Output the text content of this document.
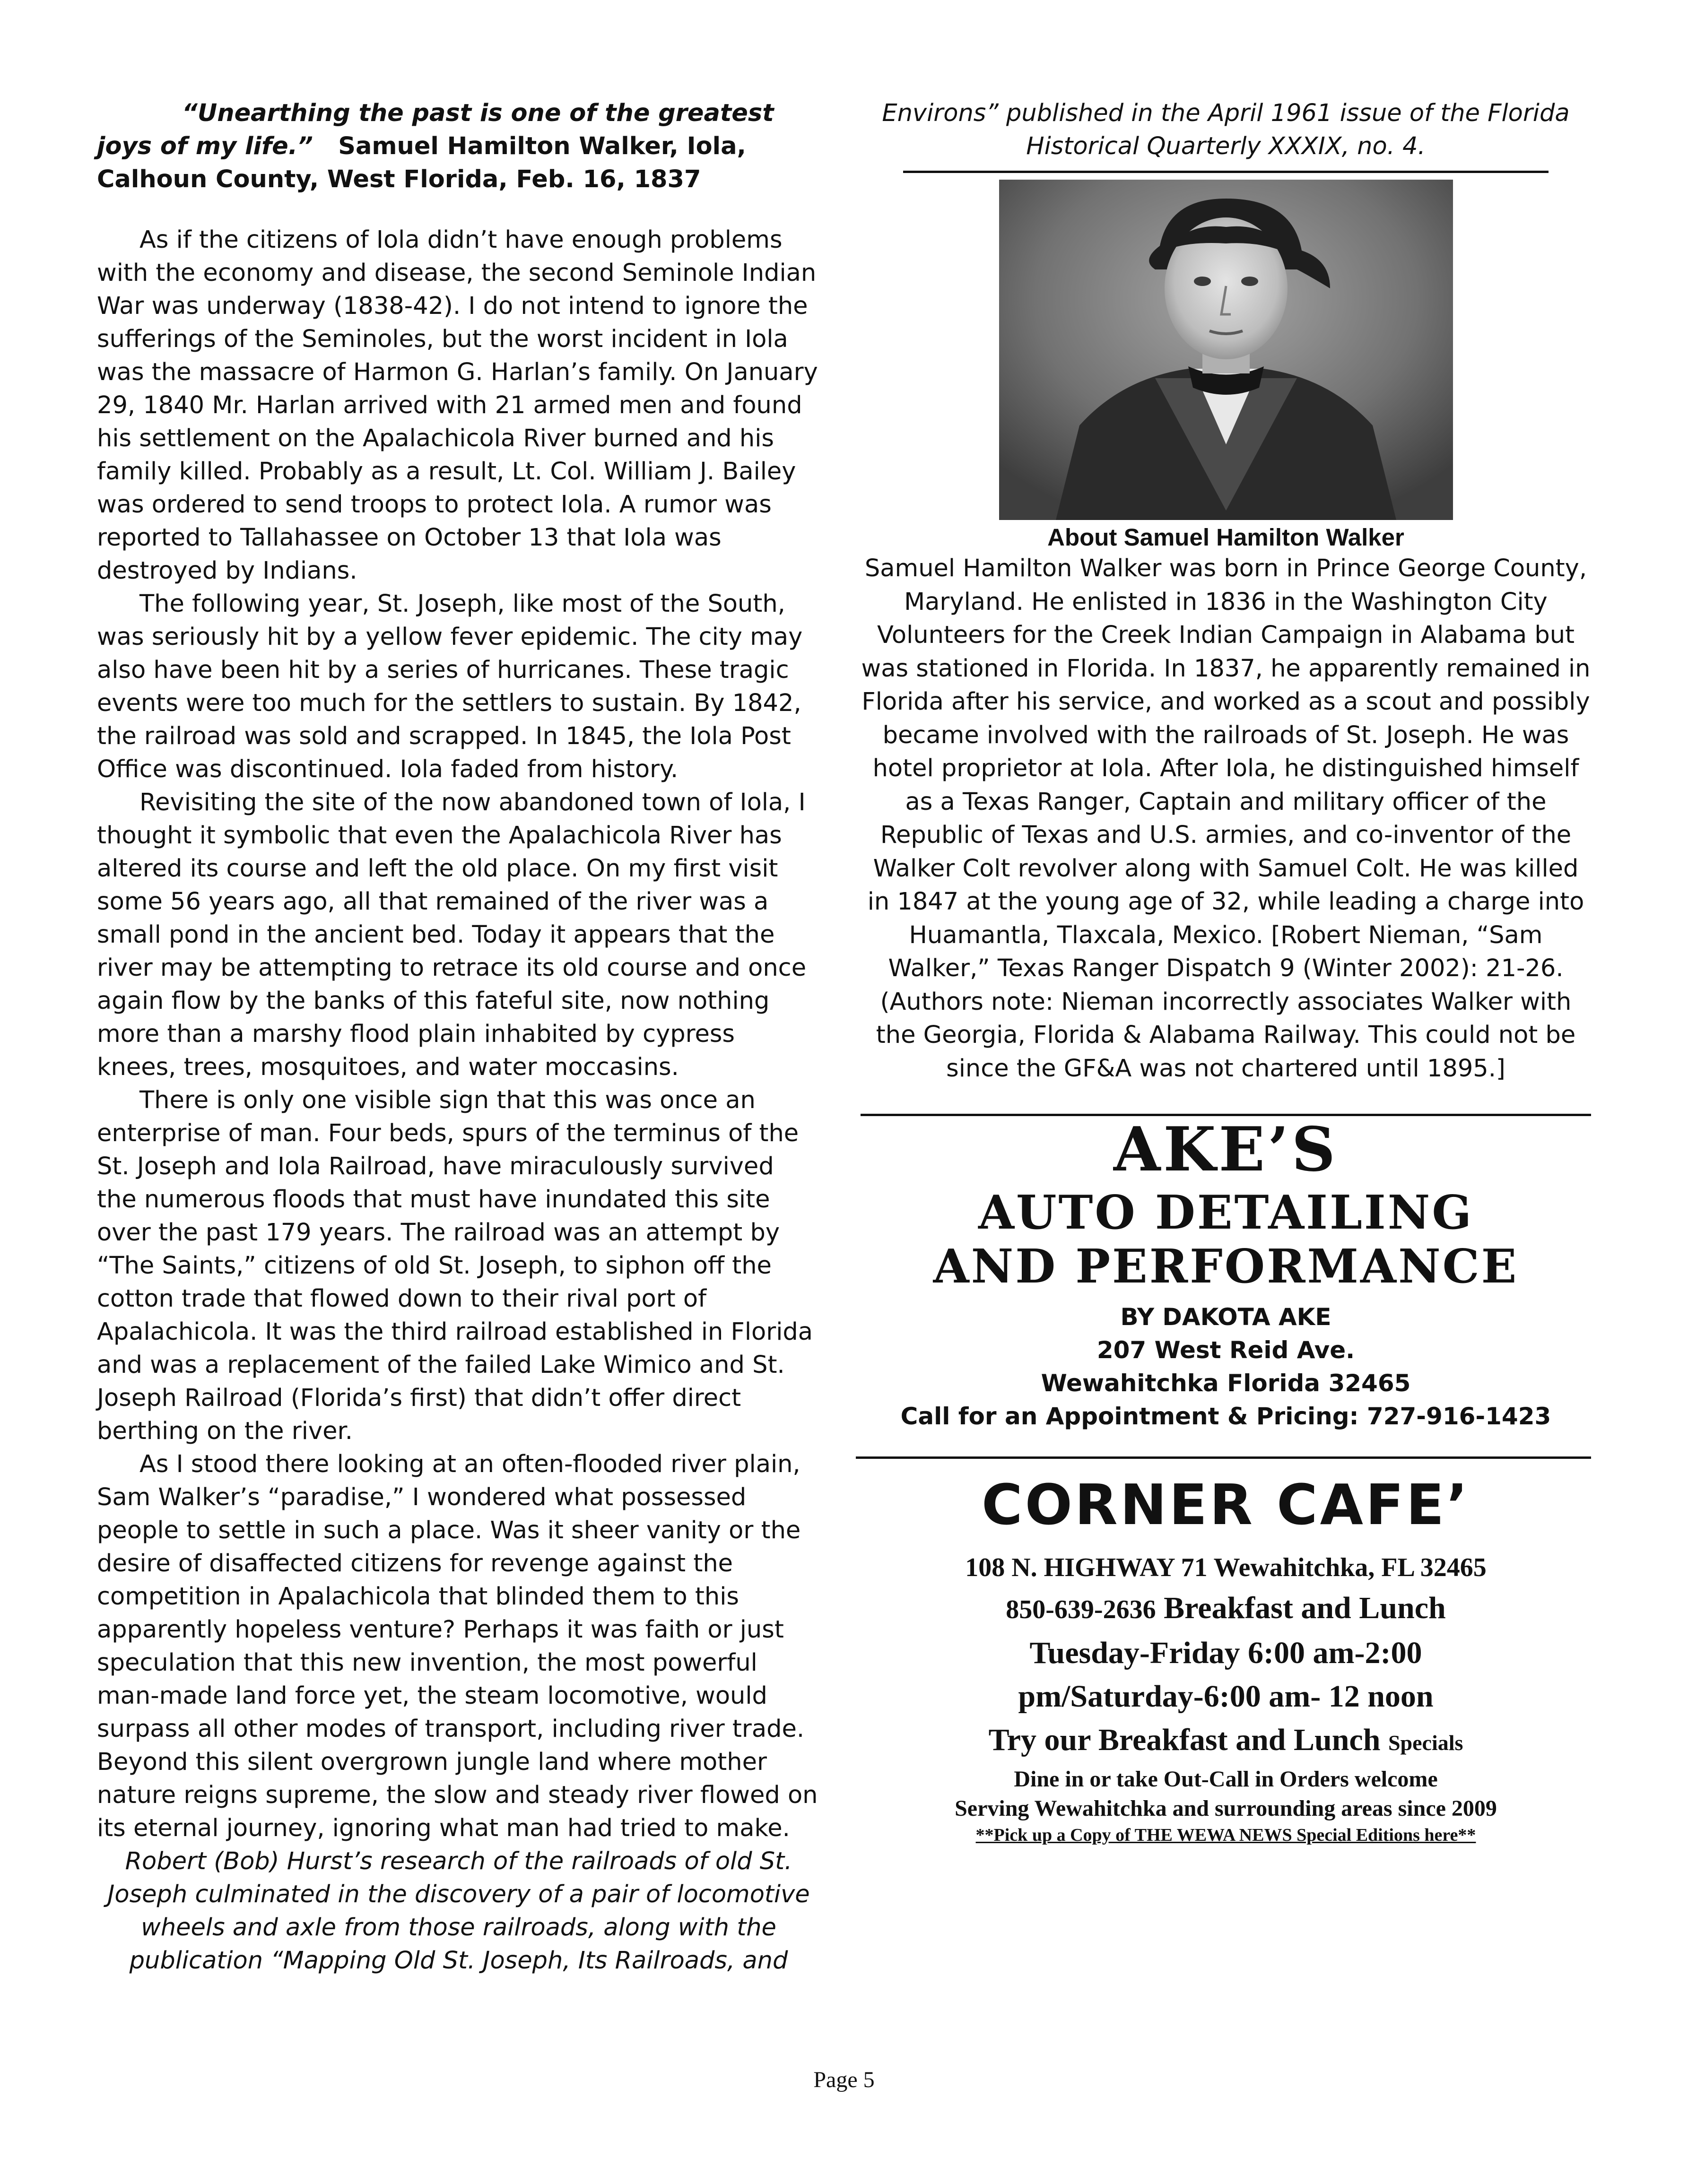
“Unearthing the past is one of the greatest joys of my life.” Samuel Hamilton Walker, Iola, Calhoun County, West Florida, Feb. 16, 1837

As if the citizens of Iola didn’t have enough problems with the economy and disease, the second Seminole Indian War was underway (1838-42). I do not intend to ignore the sufferings of the Seminoles, but the worst incident in Iola was the massacre of Harmon G. Harlan’s family. On January 29, 1840 Mr. Harlan arrived with 21 armed men and found his settlement on the Apalachicola River burned and his family killed. Probably as a result, Lt. Col. William J. Bailey was ordered to send troops to protect Iola. A rumor was reported to Tallahassee on October 13 that Iola was destroyed by Indians.

The following year, St. Joseph, like most of the South, was seriously hit by a yellow fever epidemic. The city may also have been hit by a series of hurricanes. These tragic events were too much for the settlers to sustain. By 1842, the railroad was sold and scrapped. In 1845, the Iola Post Office was discontinued. Iola faded from history.

Revisiting the site of the now abandoned town of Iola, I thought it symbolic that even the Apalachicola River has altered its course and left the old place. On my first visit some 56 years ago, all that remained of the river was a small pond in the ancient bed. Today it appears that the river may be attempting to retrace its old course and once again flow by the banks of this fateful site, now nothing more than a marshy flood plain inhabited by cypress knees, trees, mosquitoes, and water moccasins.

There is only one visible sign that this was once an enterprise of man. Four beds, spurs of the terminus of the St. Joseph and Iola Railroad, have miraculously survived the numerous floods that must have inundated this site over the past 179 years. The railroad was an attempt by “The Saints,” citizens of old St. Joseph, to siphon off the cotton trade that flowed down to their rival port of Apalachicola. It was the third railroad established in Florida and was a replacement of the failed Lake Wimico and St. Joseph Railroad (Florida’s first) that didn’t offer direct berthing on the river.

As I stood there looking at an often-flooded river plain, Sam Walker’s “paradise,” I wondered what possessed people to settle in such a place. Was it sheer vanity or the desire of disaffected citizens for revenge against the competition in Apalachicola that blinded them to this apparently hopeless venture? Perhaps it was faith or just speculation that this new invention, the most powerful man-made land force yet, the steam locomotive, would surpass all other modes of transport, including river trade. Beyond this silent overgrown jungle land where mother nature reigns supreme, the slow and steady river flowed on its eternal journey, ignoring what man had tried to make.

Robert (Bob) Hurst’s research of the railroads of old St. Joseph culminated in the discovery of a pair of locomotive wheels and axle from those railroads, along with the publication “Mapping Old St. Joseph, Its Railroads, and

Environs” published in the April 1961 issue of the Florida Historical Quarterly XXXIX, no. 4.

About Samuel Hamilton Walker

Samuel Hamilton Walker was born in Prince George County, Maryland. He enlisted in 1836 in the Washington City Volunteers for the Creek Indian Campaign in Alabama but was stationed in Florida. In 1837, he apparently remained in Florida after his service, and worked as a scout and possibly became involved with the railroads of St. Joseph. He was hotel proprietor at Iola. After Iola, he distinguished himself as a Texas Ranger, Captain and military officer of the Republic of Texas and U.S. armies, and co-inventor of the Walker Colt revolver along with Samuel Colt. He was killed in 1847 at the young age of 32, while leading a charge into Huamantla, Tlaxcala, Mexico. [Robert Nieman, “Sam Walker,” Texas Ranger Dispatch 9 (Winter 2002): 21-26. (Authors note: Nieman incorrectly associates Walker with the Georgia, Florida & Alabama Railway. This could not be since the GF&A was not chartered until 1895.]

AKE’S

AUTO DETAILING

AND PERFORMANCE

BY DAKOTA AKE

207 West Reid Ave.

Wewahitchka Florida 32465

Call for an Appointment & Pricing: 727-916-1423

CORNER CAFE’

108 N. HIGHWAY 71 Wewahitchka, FL 32465

850-639-2636 Breakfast and Lunch

Tuesday-Friday 6:00 am-2:00

pm/Saturday-6:00 am- 12 noon

Try our Breakfast and Lunch Specials

Dine in or take Out-Call in Orders welcome

Serving Wewahitchka and surrounding areas since 2009

**Pick up a Copy of THE WEWA NEWS Special Editions here**

Page 5
